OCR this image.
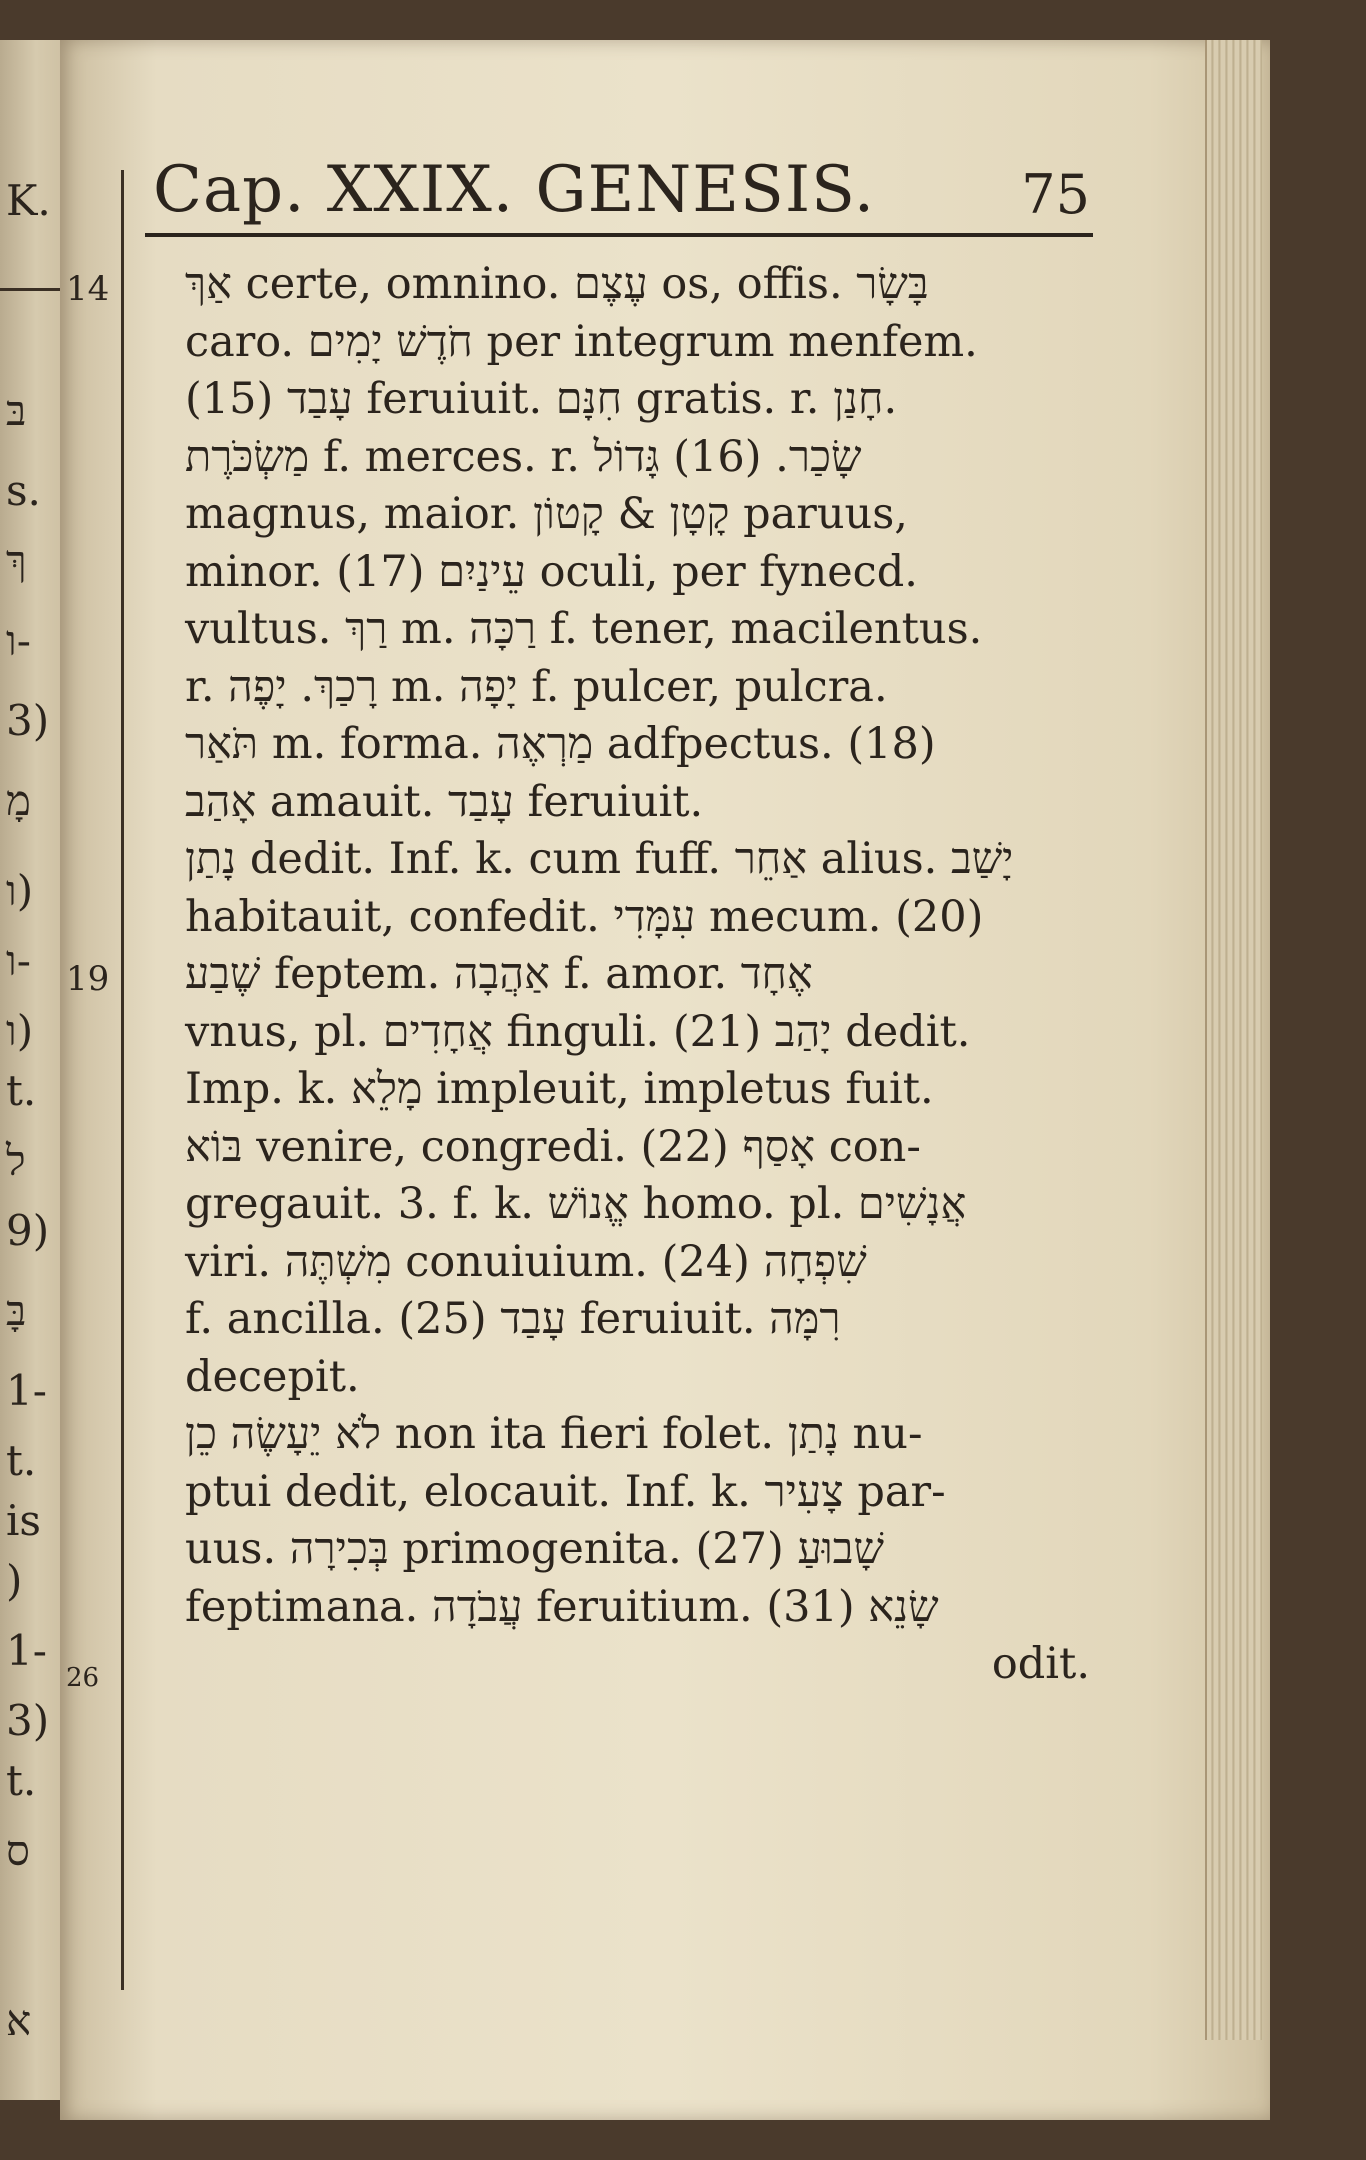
K.
בּ
s.
ךְ
ו-
3)
מָ
ו)
ו-
ו)
t.
ל
9)
בָּ
1-
t.
is
)
1-
3)
t.
ס
א
Cap. XXIX. GENESIS.	75
14
19
26
אַךְ certe, omnino. עֶצֶם os, offis. בָּשָׂר
caro. חֹדֶשׁ יָמִים per integrum menfem.
(15) עָבַד feruiuit. חִנָּם gratis. r. חָנַן.
מַשְׂכֹּרֶת f. merces. r. שָׂכַר. (16) גָּדוֹל
magnus, maior. קָטָן & קָטוֹן paruus,
minor. (17) עֵינַיִם oculi, per fynecd.
vultus. רַךְ m. רַכָּה f. tener, macilentus.
r. רָכַךְ. יָפֶה m. יָפָה f. pulcer, pulcra.
תֹּאַר m. forma. מַרְאֶה adfpectus. (18)
אָהַב amauit. עָבַד feruiuit.
נָתַן dedit. Inf. k. cum fuff. אַחֵר alius. יָשַׁב
habitauit, confedit. עִמָּדִי mecum. (20)
שֶׁבַע feptem. אַהֲבָה f. amor. אֶחָד
vnus, pl. אֲחָדִים finguli. (21) יָהַב dedit.
Imp. k. מָלֵא impleuit, impletus fuit.
בּוֹא venire, congredi. (22) אָסַף con-
gregauit. 3. f. k. אֱנוֹשׁ homo. pl. אֲנָשִׁים
viri. מִשְׁתֶּה conuiuium. (24) שִׁפְחָה
f. ancilla. (25) עָבַד feruiuit. רִמָּה
decepit.
לֹא יֵעָשֶׂה כֵן non ita fieri folet. נָתַן nu-
ptui dedit, elocauit. Inf. k. צָעִיר par-
uus. בְּכִירָה primogenita. (27) שָׁבוּעַ
feptimana. עֲבֹדָה feruitium. (31) שָׂנֵא
odit.
